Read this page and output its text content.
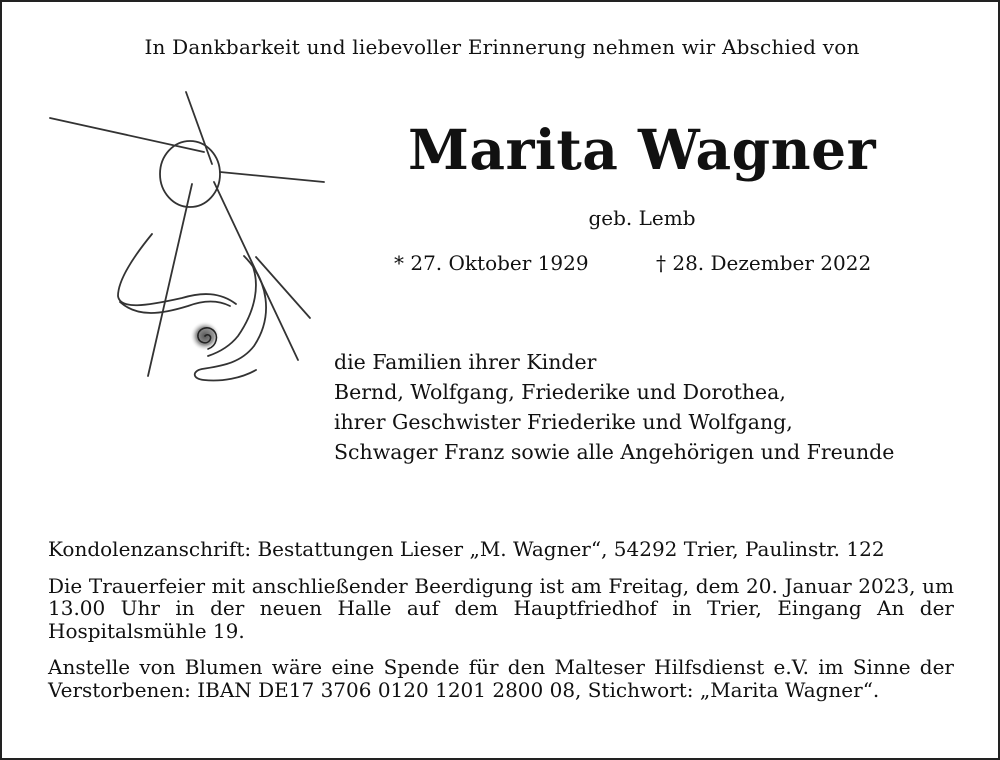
In Dankbarkeit und liebevoller Erinnerung nehmen wir Abschied von
Marita Wagner
geb. Lemb
* 27. Oktober 1929	† 28. Dezember 2022
die Familien ihrer Kinder
Bernd, Wolfgang, Friederike und Dorothea,
ihrer Geschwister Friederike und Wolfgang,
Schwager Franz sowie alle Angehörigen und Freunde

Kondolenzanschrift: Bestattungen Lieser „M. Wagner“, 54292 Trier, Paulinstr. 122

Die Trauerfeier mit anschließender Beerdigung ist am Freitag, dem 20. Januar 2023, um 13.00 Uhr in der neuen Halle auf dem Hauptfriedhof in Trier, Eingang An der Hospitalsmühle 19.

Anstelle von Blumen wäre eine Spende für den Malteser Hilfsdienst e.V. im Sinne der Verstorbenen: IBAN DE17 3706 0120 1201 2800 08, Stichwort: „Marita Wagner“.
